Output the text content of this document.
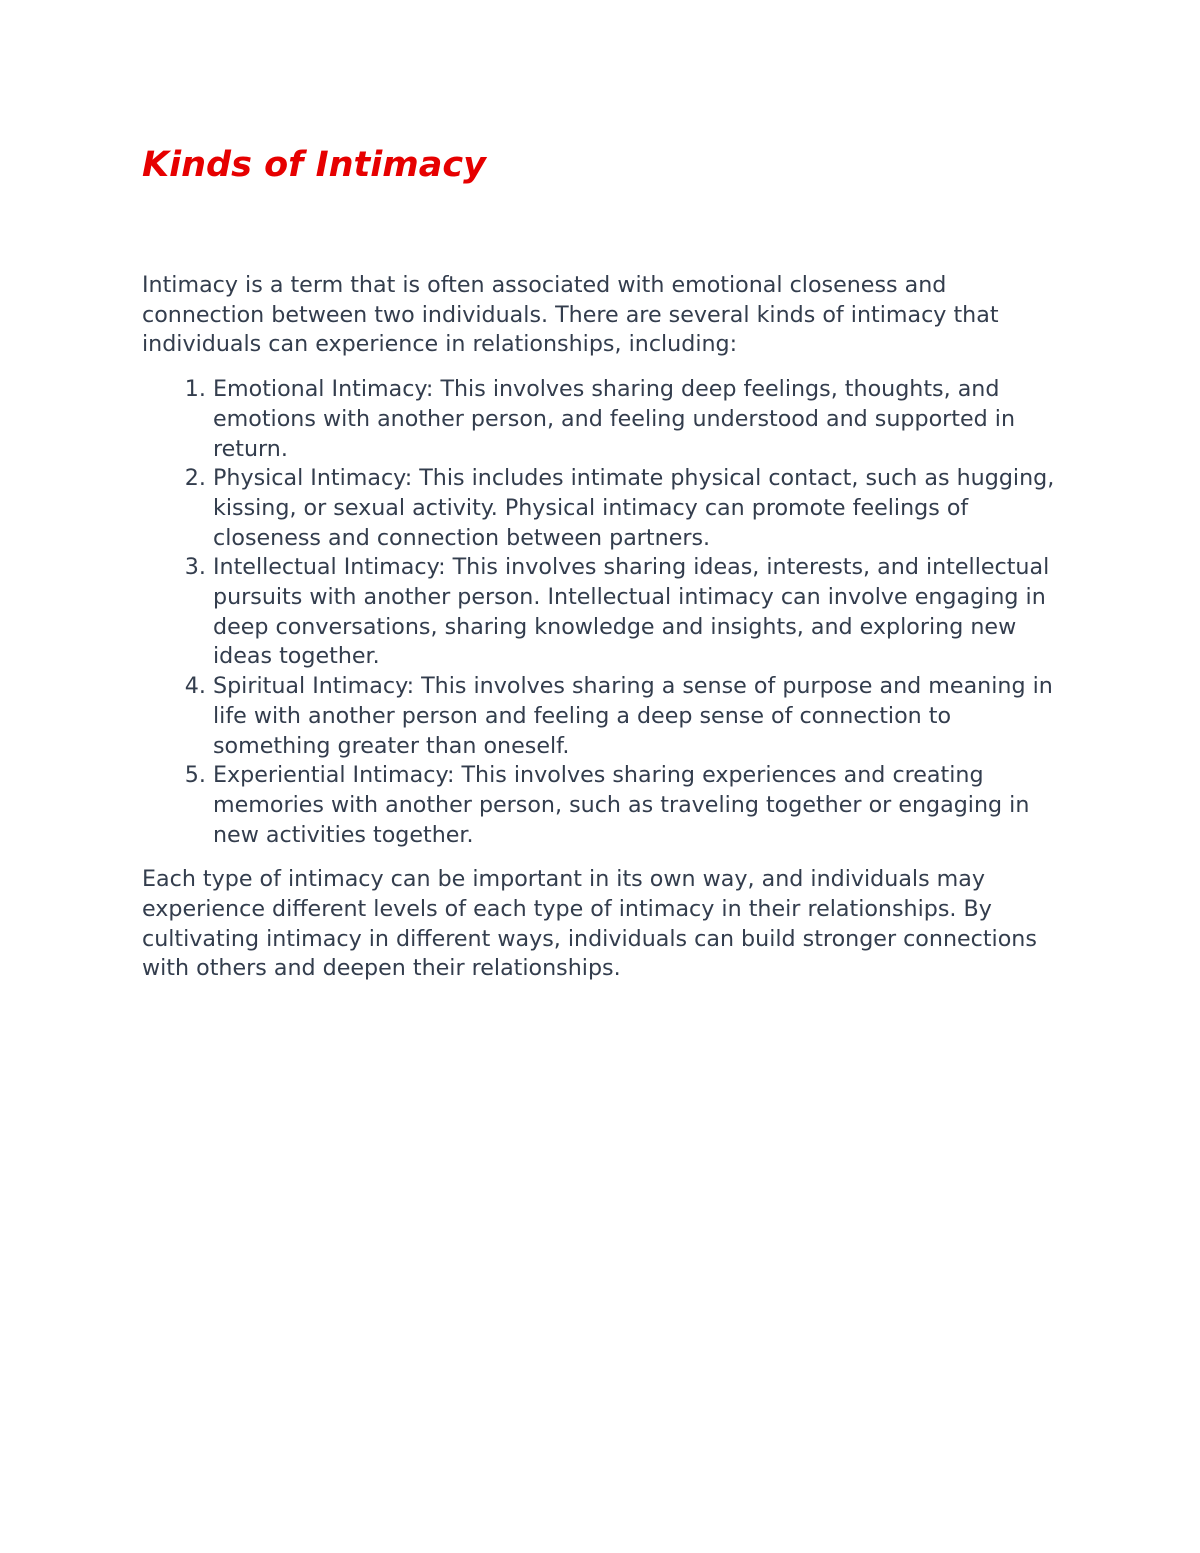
Kinds of Intimacy

Intimacy is a term that is often associated with emotional closeness and connection between two individuals. There are several kinds of intimacy that individuals can experience in relationships, including:

1. Emotional Intimacy: This involves sharing deep feelings, thoughts, and emotions with another person, and feeling understood and supported in return.
2. Physical Intimacy: This includes intimate physical contact, such as hugging, kissing, or sexual activity. Physical intimacy can promote feelings of closeness and connection between partners.
3. Intellectual Intimacy: This involves sharing ideas, interests, and intellectual pursuits with another person. Intellectual intimacy can involve engaging in deep conversations, sharing knowledge and insights, and exploring new ideas together.
4. Spiritual Intimacy: This involves sharing a sense of purpose and meaning in life with another person and feeling a deep sense of connection to something greater than oneself.
5. Experiential Intimacy: This involves sharing experiences and creating memories with another person, such as traveling together or engaging in new activities together.

Each type of intimacy can be important in its own way, and individuals may experience different levels of each type of intimacy in their relationships. By cultivating intimacy in different ways, individuals can build stronger connections with others and deepen their relationships.
